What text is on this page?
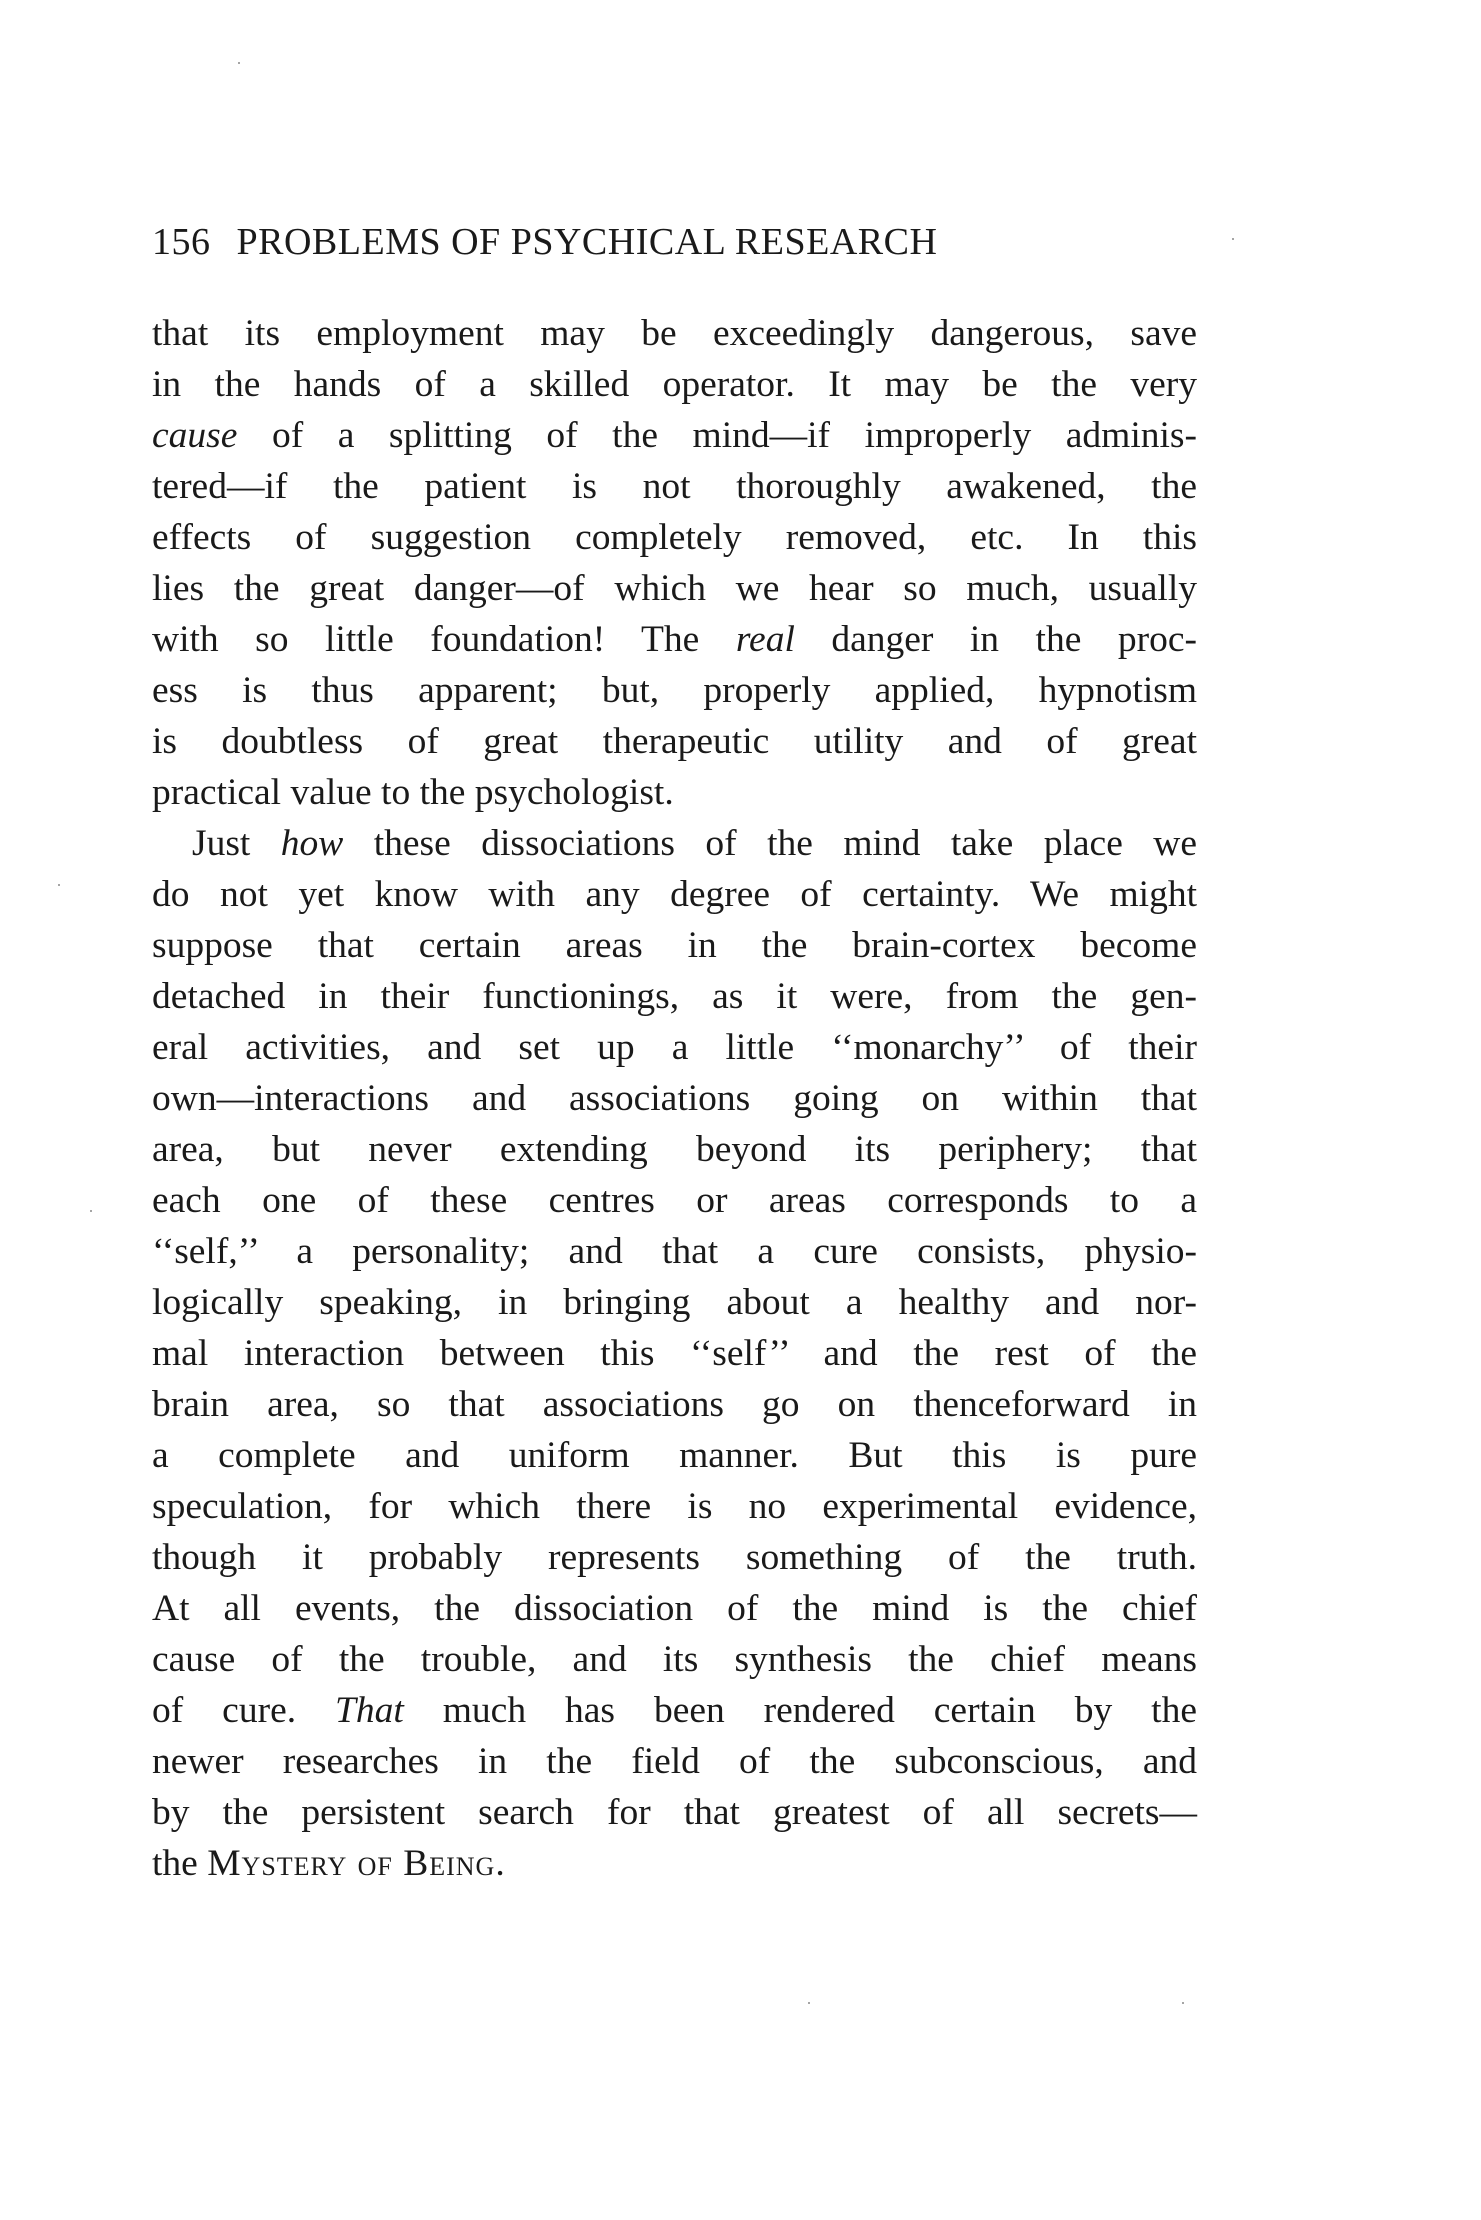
156 PROBLEMS OF PSYCHICAL RESEARCH
that its employment may be exceedingly dangerous, save
in the hands of a skilled operator. It may be the very
cause of a splitting of the mind—if improperly adminis-
tered—if the patient is not thoroughly awakened, the
effects of suggestion completely removed, etc. In this
lies the great danger—of which we hear so much, usually
with so little foundation! The real danger in the proc-
ess is thus apparent; but, properly applied, hypnotism
is doubtless of great therapeutic utility and of great
practical value to the psychologist.
Just how these dissociations of the mind take place we
do not yet know with any degree of certainty. We might
suppose that certain areas in the brain-cortex become
detached in their functionings, as it were, from the gen-
eral activities, and set up a little ‘‘monarchy’’ of their
own—interactions and associations going on within that
area, but never extending beyond its periphery; that
each one of these centres or areas corresponds to a
‘‘self,’’ a personality; and that a cure consists, physio-
logically speaking, in bringing about a healthy and nor-
mal interaction between this ‘‘self’’ and the rest of the
brain area, so that associations go on thenceforward in
a complete and uniform manner. But this is pure
speculation, for which there is no experimental evidence,
though it probably represents something of the truth.
At all events, the dissociation of the mind is the chief
cause of the trouble, and its synthesis the chief means
of cure. That much has been rendered certain by the
newer researches in the field of the subconscious, and
by the persistent search for that greatest of all secrets—
the Mystery of Being.
